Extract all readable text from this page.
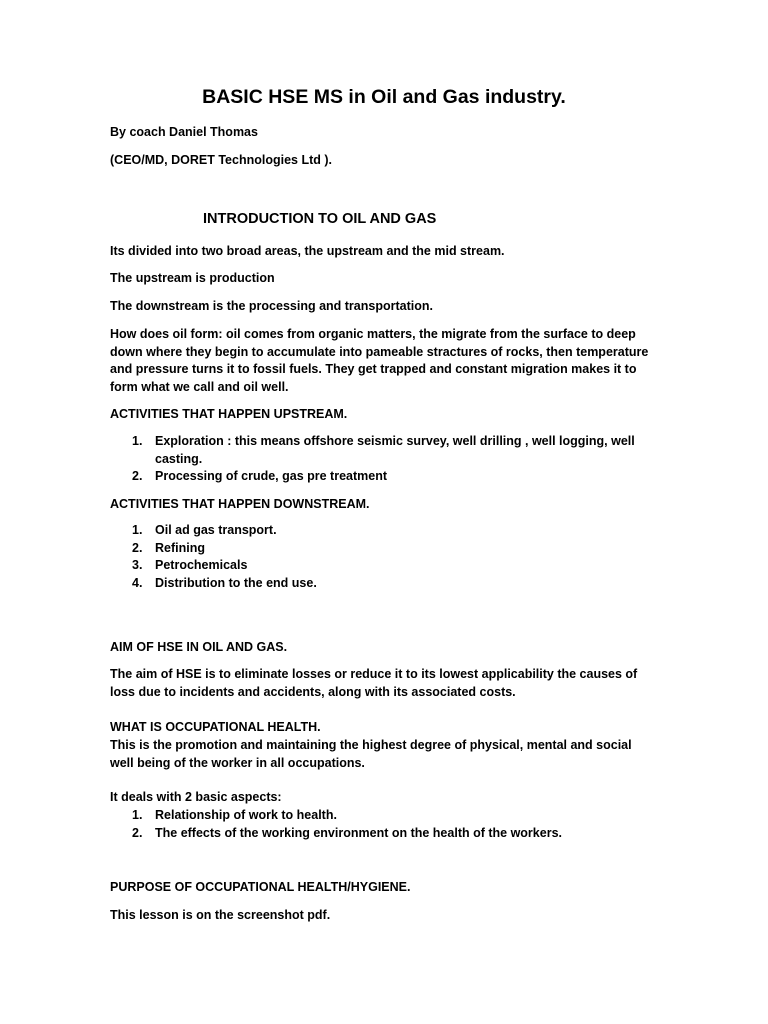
BASIC HSE MS in Oil and Gas industry.

By coach Daniel Thomas

(CEO/MD, DORET Technologies Ltd ).

INTRODUCTION TO OIL AND GAS

Its divided into two broad areas, the upstream and the mid stream.

The upstream is production

The downstream is the processing and transportation.

How does oil form: oil comes from organic matters, the migrate from the surface to deep down where they begin to accumulate into pameable stractures of rocks, then temperature and pressure turns it to fossil fuels. They get trapped and constant migration makes it to form what we call and oil well.

ACTIVITIES THAT HAPPEN UPSTREAM.

1. Exploration : this means offshore seismic survey, well drilling , well logging, well casting.
2. Processing of crude, gas pre treatment

ACTIVITIES THAT HAPPEN DOWNSTREAM.

1. Oil ad gas transport.
2. Refining
3. Petrochemicals
4. Distribution to the end use.

AIM OF HSE IN OIL AND GAS.

The aim of HSE is to eliminate losses or reduce it to its lowest applicability the causes of loss due to incidents and accidents, along with its associated costs.

WHAT IS OCCUPATIONAL HEALTH.

This is the promotion and maintaining the highest degree of physical, mental and social well being of the worker in all occupations.

It deals with 2 basic aspects:

1. Relationship of work to health.
2. The effects of the working environment on the health of the workers.

PURPOSE OF OCCUPATIONAL HEALTH/HYGIENE.

This lesson is on the screenshot pdf.
